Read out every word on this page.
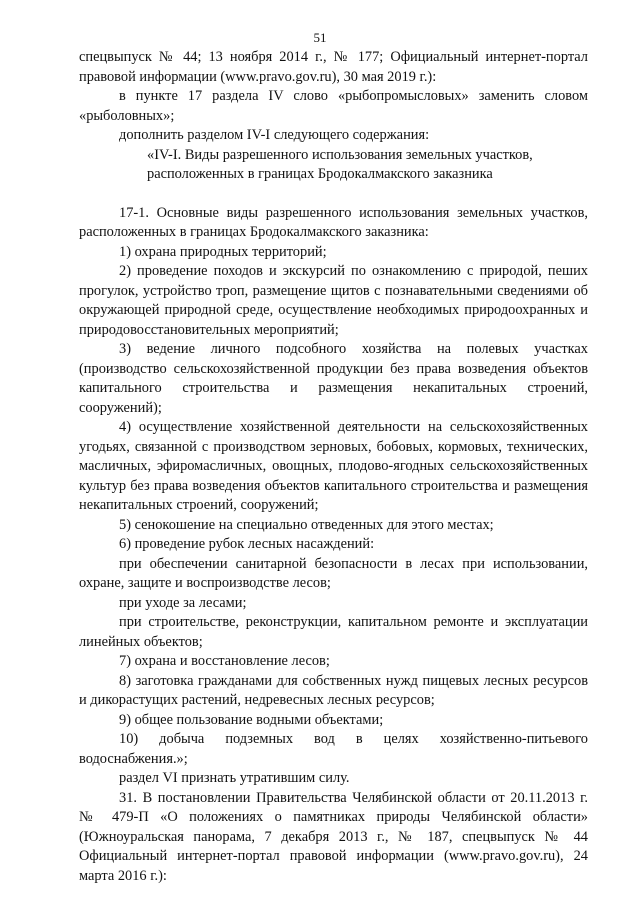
51

спецвыпуск № 44; 13 ноября 2014 г., № 177; Официальный интернет-портал правовой информации (www.pravo.gov.ru), 30 мая 2019 г.):

в пункте 17 раздела IV слово «рыбопромысловых» заменить словом «рыболовных»;

дополнить разделом IV-I следующего содержания:

«IV-I. Виды разрешенного использования земельных участков,

расположенных в границах Бродокалмакского заказника

17-1. Основные виды разрешенного использования земельных участков, расположенных в границах Бродокалмакского заказника:

1) охрана природных территорий;

2) проведение походов и экскурсий по ознакомлению с природой, пеших прогулок, устройство троп, размещение щитов с познавательными сведениями об окружающей природной среде, осуществление необходимых природоохранных и природовосстановительных мероприятий;

3) ведение личного подсобного хозяйства на полевых участках (производство сельскохозяйственной продукции без права возведения объектов капитального строительства и размещения некапитальных строений, сооружений);

4) осуществление хозяйственной деятельности на сельскохозяйственных угодьях, связанной с производством зерновых, бобовых, кормовых, технических, масличных, эфиромасличных, овощных, плодово-ягодных сельскохозяйственных культур без права возведения объектов капитального строительства и размещения некапитальных строений, сооружений;

5) сенокошение на специально отведенных для этого местах;

6) проведение рубок лесных насаждений:

при обеспечении санитарной безопасности в лесах при использовании, охране, защите и воспроизводстве лесов;

при уходе за лесами;

при строительстве, реконструкции, капитальном ремонте и эксплуатации линейных объектов;

7) охрана и восстановление лесов;

8) заготовка гражданами для собственных нужд пищевых лесных ресурсов и дикорастущих растений, недревесных лесных ресурсов;

9) общее пользование водными объектами;

10) добыча подземных вод в целях хозяйственно-питьевого водоснабжения.»;

раздел VI признать утратившим силу.

31. В постановлении Правительства Челябинской области от 20.11.2013 г. № 479-П «О положениях о памятниках природы Челябинской области» (Южноуральская панорама, 7 декабря 2013 г., № 187, спецвыпуск № 44 Официальный интернет-портал правовой информации (www.pravo.gov.ru), 24 марта 2016 г.):
